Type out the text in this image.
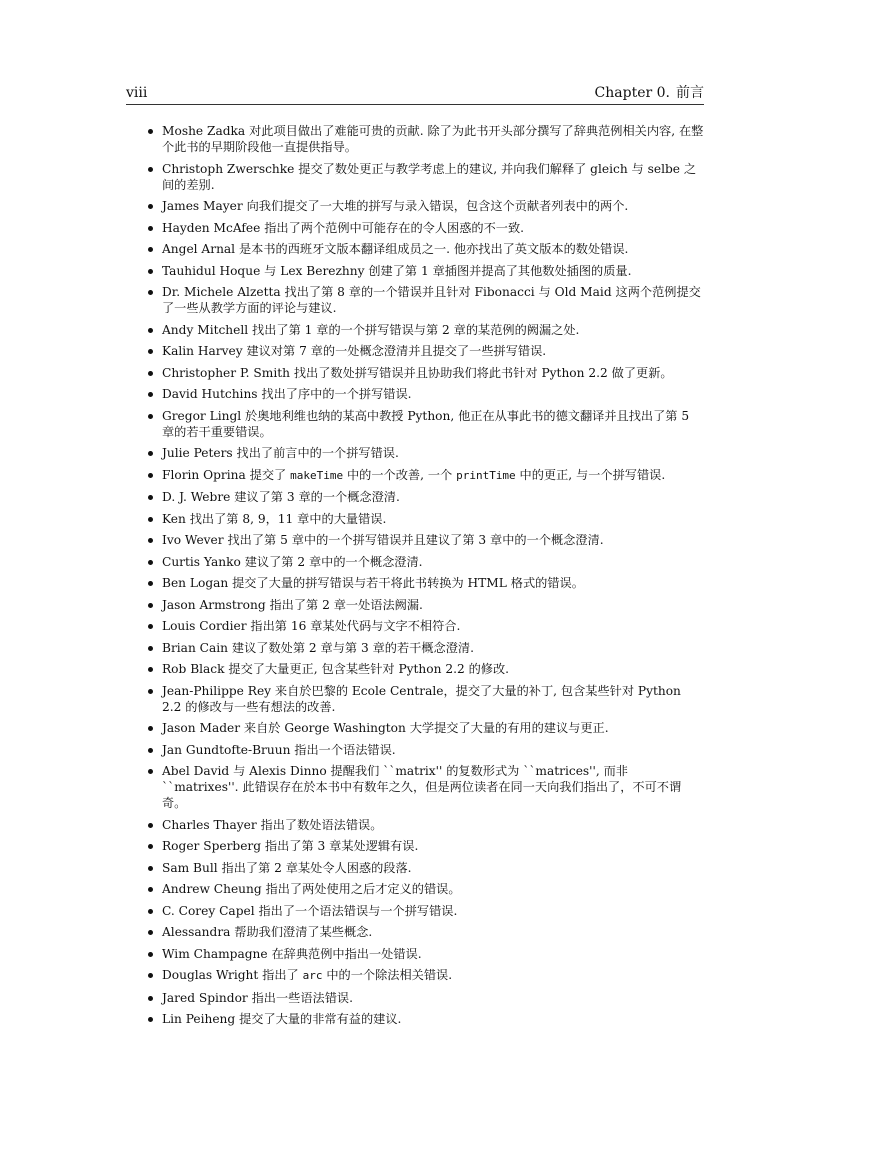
viii	Chapter 0. 前言
Moshe Zadka 对此项目做出了难能可贵的贡献. 除了为此书开头部分撰写了辞典范例相关内容, 在整个此书的早期阶段他一直提供指导。
Christoph Zwerschke 提交了数处更正与教学考虑上的建议, 并向我们解释了 gleich 与 selbe 之间的差别.
James Mayer 向我们提交了一大堆的拼写与录入错误，包含这个贡献者列表中的两个.
Hayden McAfee 指出了两个范例中可能存在的令人困惑的不一致.
Angel Arnal 是本书的西班牙文版本翻译组成员之一. 他亦找出了英文版本的数处错误.
Tauhidul Hoque 与 Lex Berezhny 创建了第 1 章插图并提高了其他数处插图的质量.
Dr. Michele Alzetta 找出了第 8 章的一个错误并且针对 Fibonacci 与 Old Maid 这两个范例提交了一些从教学方面的评论与建议.
Andy Mitchell 找出了第 1 章的一个拼写错误与第 2 章的某范例的阙漏之处.
Kalin Harvey 建议对第 7 章的一处概念澄清并且提交了一些拼写错误.
Christopher P. Smith 找出了数处拼写错误并且协助我们将此书针对 Python 2.2 做了更新。
David Hutchins 找出了序中的一个拼写错误.
Gregor Lingl 於奥地利维也纳的某高中教授 Python, 他正在从事此书的德文翻译并且找出了第 5 章的若干重要错误。
Julie Peters 找出了前言中的一个拼写错误.
Florin Oprina 提交了 makeTime 中的一个改善, 一个 printTime 中的更正, 与一个拼写错误.
D. J. Webre 建议了第 3 章的一个概念澄清.
Ken 找出了第 8, 9，11 章中的大量错误.
Ivo Wever 找出了第 5 章中的一个拼写错误并且建议了第 3 章中的一个概念澄清.
Curtis Yanko 建议了第 2 章中的一个概念澄清.
Ben Logan 提交了大量的拼写错误与若干将此书转换为 HTML 格式的错误。
Jason Armstrong 指出了第 2 章一处语法阙漏.
Louis Cordier 指出第 16 章某处代码与文字不相符合.
Brian Cain 建议了数处第 2 章与第 3 章的若干概念澄清.
Rob Black 提交了大量更正, 包含某些针对 Python 2.2 的修改.
Jean-Philippe Rey 来自於巴黎的 Ecole Centrale，提交了大量的补丁, 包含某些针对 Python 2.2 的修改与一些有想法的改善.
Jason Mader 来自於 George Washington 大学提交了大量的有用的建议与更正.
Jan Gundtofte-Bruun 指出一个语法错误.
Abel David 与 Alexis Dinno 提醒我们 ``matrix'' 的复数形式为 ``matrices'', 而非 ``matrixes''. 此错误存在於本书中有数年之久，但是两位读者在同一天向我们指出了，不可不谓奇。
Charles Thayer 指出了数处语法错误。
Roger Sperberg 指出了第 3 章某处逻辑有误.
Sam Bull 指出了第 2 章某处令人困惑的段落.
Andrew Cheung 指出了两处使用之后才定义的错误。
C. Corey Capel 指出了一个语法错误与一个拼写错误.
Alessandra 帮助我们澄清了某些概念.
Wim Champagne 在辞典范例中指出一处错误.
Douglas Wright 指出了 arc 中的一个除法相关错误.
Jared Spindor 指出一些语法错误.
Lin Peiheng 提交了大量的非常有益的建议.
